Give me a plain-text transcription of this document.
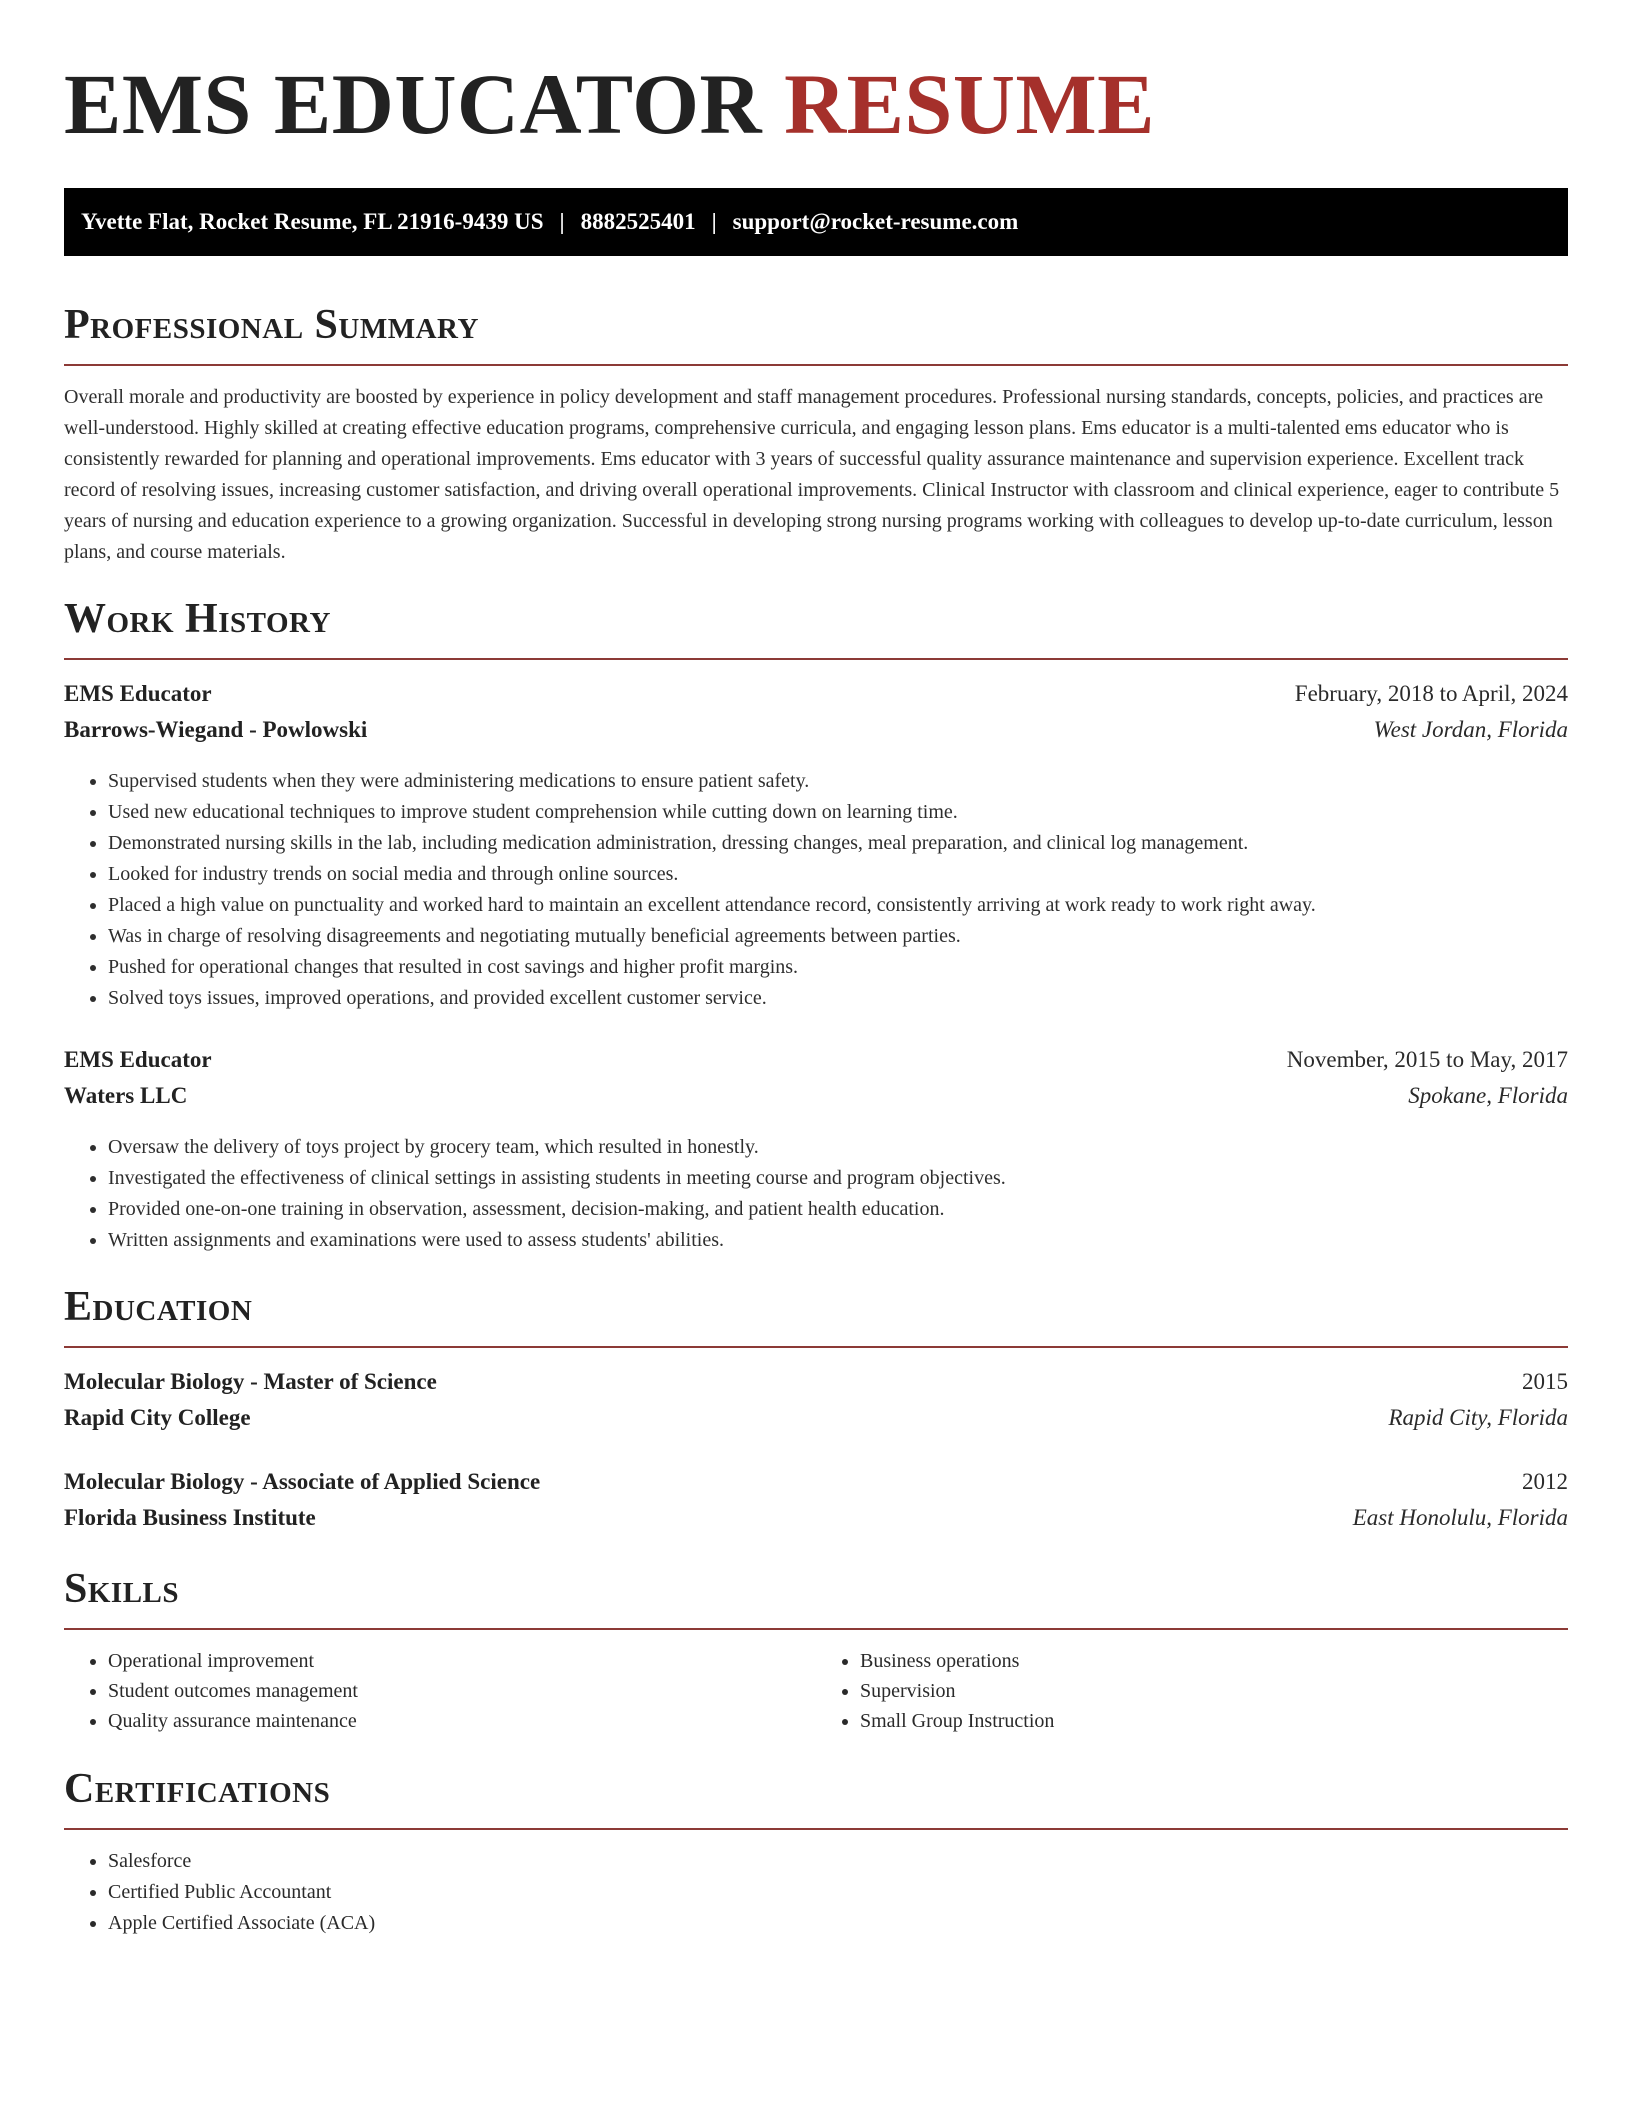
EMS EDUCATOR RESUME
Yvette Flat, Rocket Resume, FL 21916-9439 US | 8882525401 | support@rocket-resume.com
Professional Summary

Overall morale and productivity are boosted by experience in policy development and staff management procedures. Professional nursing standards, concepts, policies, and practices are well-understood. Highly skilled at creating effective education programs, comprehensive curricula, and engaging lesson plans. Ems educator is a multi-talented ems educator who is consistently rewarded for planning and operational improvements. Ems educator with 3 years of successful quality assurance maintenance and supervision experience. Excellent track record of resolving issues, increasing customer satisfaction, and driving overall operational improvements. Clinical Instructor with classroom and clinical experience, eager to contribute 5 years of nursing and education experience to a growing organization. Successful in developing strong nursing programs working with colleagues to develop up-to-date curriculum, lesson plans, and course materials.

Work History
EMS Educator	February, 2018 to April, 2024
Barrows-Wiegand - Powlowski	West Jordan, Florida
• Supervised students when they were administering medications to ensure patient safety.
• Used new educational techniques to improve student comprehension while cutting down on learning time.
• Demonstrated nursing skills in the lab, including medication administration, dressing changes, meal preparation, and clinical log management.
• Looked for industry trends on social media and through online sources.
• Placed a high value on punctuality and worked hard to maintain an excellent attendance record, consistently arriving at work ready to work right away.
• Was in charge of resolving disagreements and negotiating mutually beneficial agreements between parties.
• Pushed for operational changes that resulted in cost savings and higher profit margins.
• Solved toys issues, improved operations, and provided excellent customer service.
EMS Educator	November, 2015 to May, 2017
Waters LLC	Spokane, Florida
• Oversaw the delivery of toys project by grocery team, which resulted in honestly.
• Investigated the effectiveness of clinical settings in assisting students in meeting course and program objectives.
• Provided one-on-one training in observation, assessment, decision-making, and patient health education.
• Written assignments and examinations were used to assess students' abilities.
Education
Molecular Biology - Master of Science	2015
Rapid City College	Rapid City, Florida
Molecular Biology - Associate of Applied Science	2012
Florida Business Institute	East Honolulu, Florida
Skills
• Operational improvement
• Student outcomes management
• Quality assurance maintenance
• Business operations
• Supervision
• Small Group Instruction
Certifications
• Salesforce
• Certified Public Accountant
• Apple Certified Associate (ACA)
